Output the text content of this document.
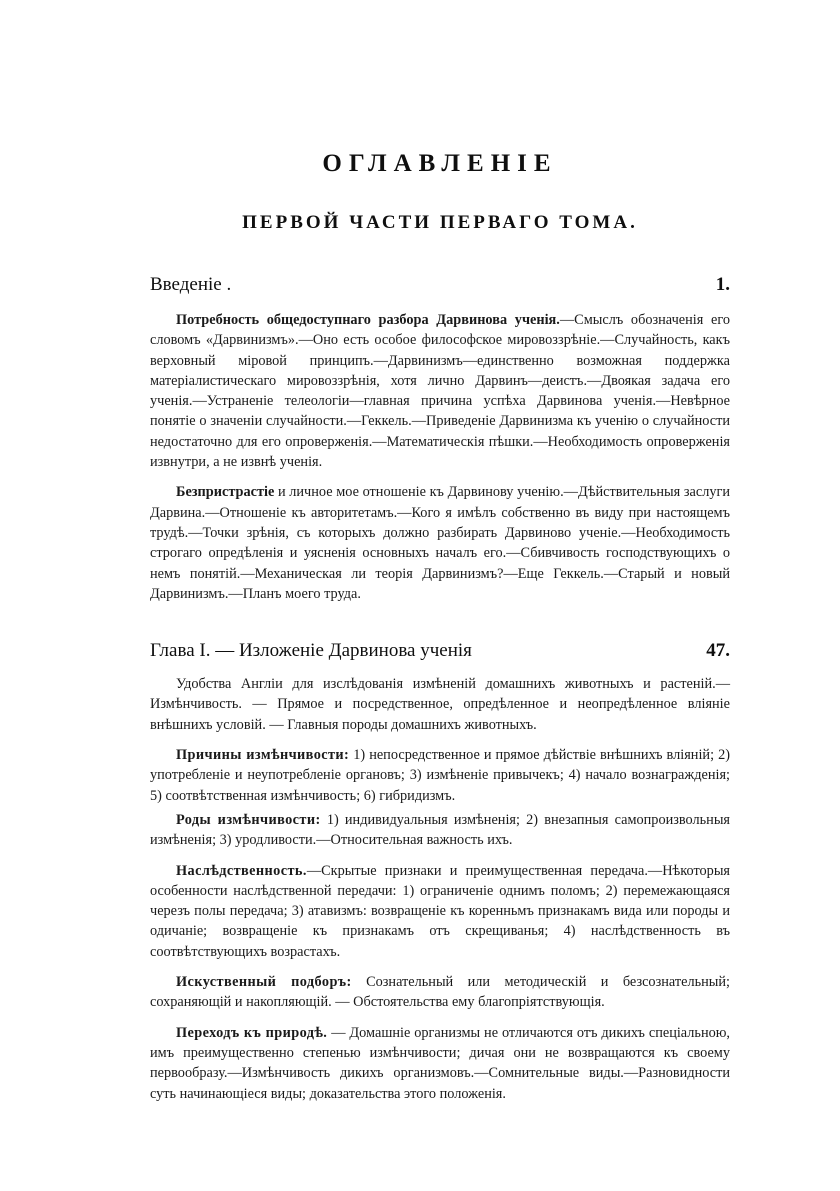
ОГЛАВЛЕНІЕ
ПЕРВОЙ ЧАСТИ ПЕРВАГО ТОМА.
Введеніе .	1.

Потребность общедоступнаго разбора Дарвинова ученія.—Смыслъ обозначенія его словомъ «Дарвинизмъ».—Оно есть особое философское мировоззрѣніе.—Случайность, какъ верховный міровой принципъ.—Дарвинизмъ—единственно возможная поддержка матеріалистическаго мировоззрѣнія, хотя лично Дарвинъ—деистъ.—Двоякая задача его ученія.—Устраненіе телеологіи—главная причина успѣха Дарвинова ученія.—Невѣрное понятіе о значеніи случайности.—Геккель.—Приведеніе Дарвинизма къ ученію о случайности недостаточно для его опроверженія.—Математическія пѣшки.—Необходимость опроверженія извнутри, а не извнѣ ученія.

Безпристрастіе и личное мое отношеніе къ Дарвинову ученію.—Дѣйствительныя заслуги Дарвина.—Отношеніе къ авторитетамъ.—Кого я имѣлъ собственно въ виду при настоящемъ трудѣ.—Точки зрѣнія, съ которыхъ должно разбирать Дарвиново ученіе.—Необходимость строгаго опредѣленія и уясненія основныхъ началъ его.—Сбивчивость господствующихъ о немъ понятій.—Механическая ли теорія Дарвинизмъ?—Еще Геккель.—Старый и новый Дарвинизмъ.—Планъ моего труда.

Глава I. — Изложеніе Дарвинова ученія	47.

Удобства Англіи для изслѣдованія измѣненій домашнихъ животныхъ и растеній.—Измѣнчивость. — Прямое и посредственное, опредѣленное и неопредѣленное вліяніе внѣшнихъ условій. — Главныя породы домашнихъ животныхъ.

Причины измѣнчивости: 1) непосредственное и прямое дѣйствіе внѣшнихъ вліяній; 2) употребленіе и неупотребленіе органовъ; 3) измѣненіе привычекъ; 4) начало вознагражденія; 5) соотвѣтственная измѣнчивость; 6) гибридизмъ.

Роды измѣнчивости: 1) индивидуальныя измѣненія; 2) внезапныя самопроизвольныя измѣненія; 3) уродливости.—Относительная важность ихъ.

Наслѣдственность.—Скрытые признаки и преимущественная передача.—Нѣкоторыя особенности наслѣдственной передачи: 1) ограниченіе однимъ поломъ; 2) перемежающаяся черезъ полы передача; 3) атавизмъ: возвращеніе къ коренньмъ признакамъ вида или породы и одичаніе; возвращеніе къ признакамъ отъ скрещиванья; 4) наслѣдственность въ соотвѣтствующихъ возрастахъ.

Искуственный подборъ: Сознательный или методическій и безсознательный; сохраняющій и накопляющій. — Обстоятельства ему благопріятствующія.

Переходъ къ природѣ. — Домашніе организмы не отличаются отъ дикихъ спеціальною, имъ преимущественно степенью измѣнчивости; дичая они не возвращаются къ своему первообразу.—Измѣнчивость дикихъ организмовъ.—Сомнительные виды.—Разновидности суть начинающіеся виды; доказательства этого положенія.
